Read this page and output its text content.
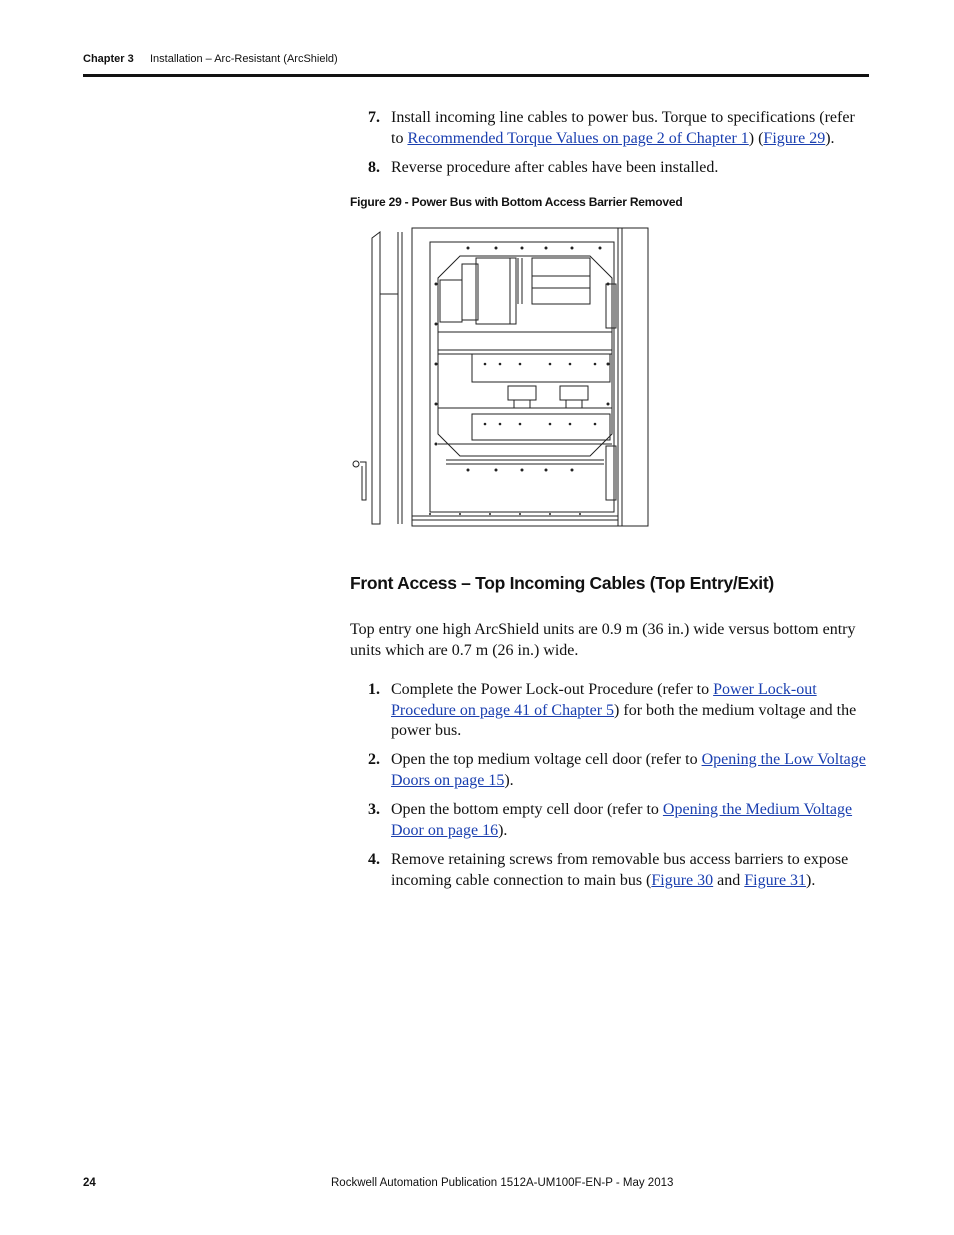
Chapter 3 Installation – Arc-Resistant (ArcShield)
7. Install incoming line cables to power bus. Torque to specifications (refer to Recommended Torque Values on page 2 of Chapter 1) (Figure 29).
8. Reverse procedure after cables have been installed.
Figure 29 - Power Bus with Bottom Access Barrier Removed
Front Access – Top Incoming Cables (Top Entry/Exit)
Top entry one high ArcShield units are 0.9 m (36 in.) wide versus bottom entry units which are 0.7 m (26 in.) wide.
1. Complete the Power Lock-out Procedure (refer to Power Lock-out Procedure on page 41 of Chapter 5) for both the medium voltage and the power bus.
2. Open the top medium voltage cell door (refer to Opening the Low Voltage Doors on page 15).
3. Open the bottom empty cell door (refer to Opening the Medium Voltage Door on page 16).
4. Remove retaining screws from removable bus access barriers to expose incoming cable connection to main bus (Figure 30 and Figure 31).
24	Rockwell Automation Publication 1512A-UM100F-EN-P - May 2013
